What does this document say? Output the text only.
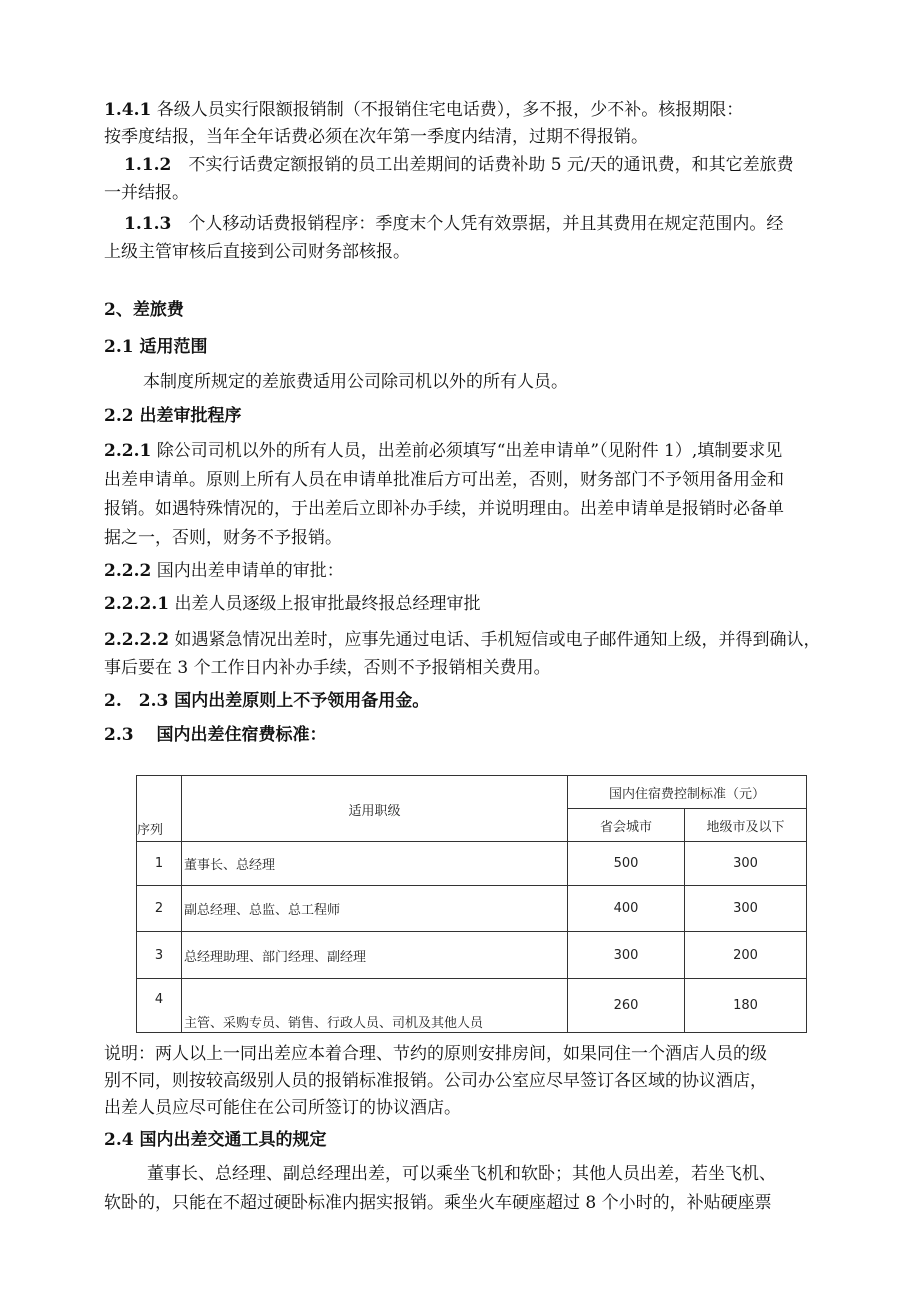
1.4.1 各级人员实行限额报销制（不报销住宅电话费），多不报，少不补。核报期限：
按季度结报，当年全年话费必须在次年第一季度内结清，过期不得报销。
1.1.2　不实行话费定额报销的员工出差期间的话费补助 5 元/天的通讯费，和其它差旅费
一并结报。
1.1.3　个人移动话费报销程序：季度末个人凭有效票据，并且其费用在规定范围内。经
上级主管审核后直接到公司财务部核报。
2、差旅费
2.1 适用范围
本制度所规定的差旅费适用公司除司机以外的所有人员。
2.2 出差审批程序
2.2.1 除公司司机以外的所有人员，出差前必须填写“出差申请单”（见附件 1）,填制要求见
出差申请单。原则上所有人员在申请单批准后方可出差，否则，财务部门不予领用备用金和
报销。如遇特殊情况的，于出差后立即补办手续，并说明理由。出差申请单是报销时必备单
据之一，否则，财务不予报销。
2.2.2 国内出差申请单的审批：
2.2.2.1 出差人员逐级上报审批最终报总经理审批
2.2.2.2 如遇紧急情况出差时，应事先通过电话、手机短信或电子邮件通知上级，并得到确认，
事后要在 3 个工作日内补办手续，否则不予报销相关费用。
2.　2.3 国内出差原则上不予领用备用金。
2.3　 国内出差住宿费标准：
序列	适用职级	国内住宿费控制标准（元）	
		省会城市	地级市及以下
1	董事长、总经理	500	300
2	副总经理、总监、总工程师	400	300
3	总经理助理、部门经理、副经理	300	200
4	主管、采购专员、销售、行政人员、司机及其他人员	260	180
说明：两人以上一同出差应本着合理、节约的原则安排房间，如果同住一个酒店人员的级
别不同，则按较高级别人员的报销标准报销。公司办公室应尽早签订各区域的协议酒店，
出差人员应尽可能住在公司所签订的协议酒店。
2.4 国内出差交通工具的规定
董事长、总经理、副总经理出差，可以乘坐飞机和软卧；其他人员出差，若坐飞机、
软卧的，只能在不超过硬卧标准内据实报销。乘坐火车硬座超过 8 个小时的，补贴硬座票
